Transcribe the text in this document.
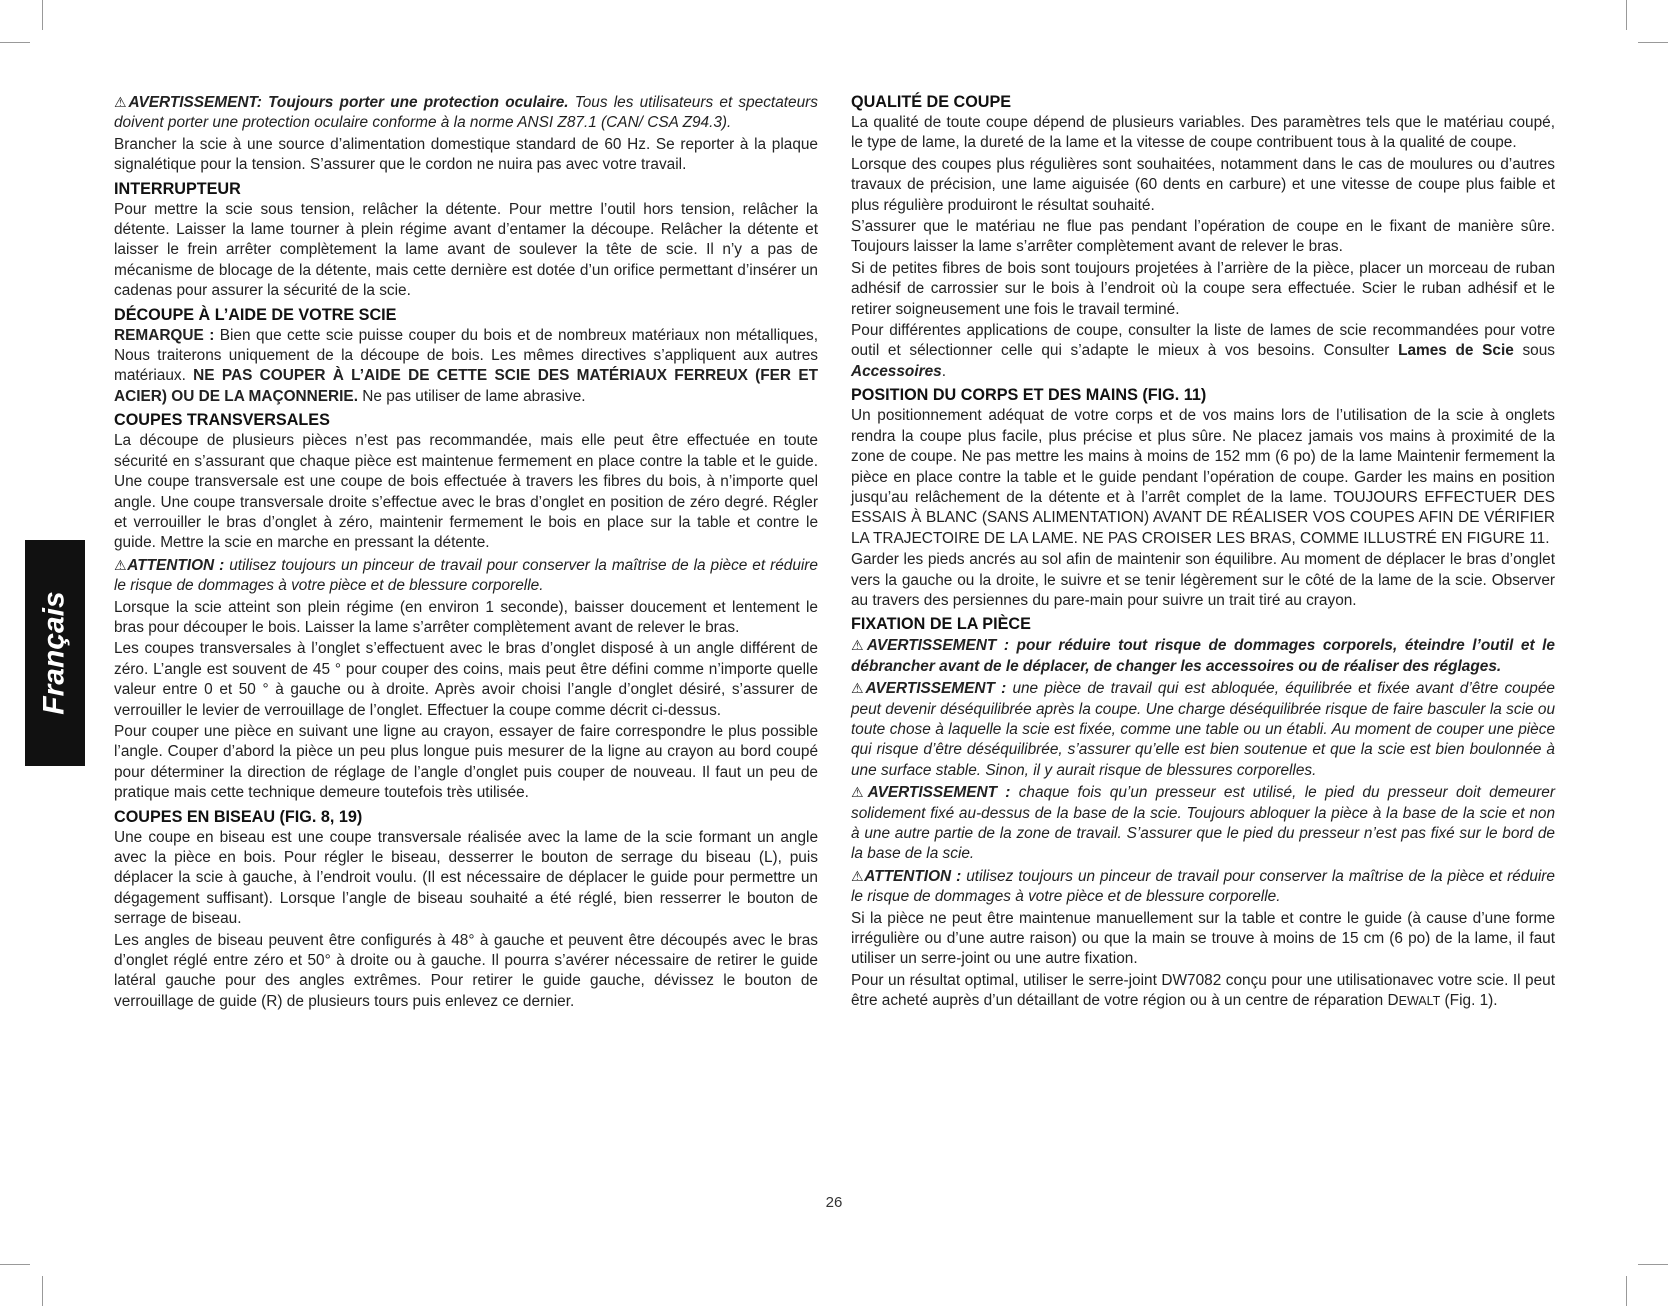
Français

⚠AVERTISSEMENT: Toujours porter une protection oculaire. Tous les utilisateurs et spectateurs doivent porter une protection oculaire conforme à la norme ANSI Z87.1 (CAN/ CSA Z94.3).

Brancher la scie à une source d’alimentation domestique standard de 60 Hz. Se reporter à la plaque signalétique pour la tension. S’assurer que le cordon ne nuira pas avec votre travail.

INTERRUPTEUR

Pour mettre la scie sous tension, relâcher la détente. Pour mettre l’outil hors tension, relâcher la détente. Laisser la lame tourner à plein régime avant d’entamer la découpe. Relâcher la détente et laisser le frein arrêter complètement la lame avant de soulever la tête de scie. Il n’y a pas de mécanisme de blocage de la détente, mais cette dernière est dotée d’un orifice permettant d’insérer un cadenas pour assurer la sécurité de la scie.

DÉCOUPE À L’AIDE DE VOTRE SCIE

REMARQUE : Bien que cette scie puisse couper du bois et de nombreux matériaux non métalliques, Nous traiterons uniquement de la découpe de bois. Les mêmes directives s’appliquent aux autres matériaux. NE PAS COUPER À L’AIDE DE CETTE SCIE DES MATÉRIAUX FERREUX (FER ET ACIER) OU DE LA MAÇONNERIE. Ne pas utiliser de lame abrasive.

COUPES TRANSVERSALES

La découpe de plusieurs pièces n’est pas recommandée, mais elle peut être effectuée en toute sécurité en s’assurant que chaque pièce est maintenue fermement en place contre la table et le guide. Une coupe transversale est une coupe de bois effectuée à travers les fibres du bois, à n’importe quel angle. Une coupe transversale droite s’effectue avec le bras d’onglet en position de zéro degré. Régler et verrouiller le bras d’onglet à zéro, maintenir fermement le bois en place sur la table et contre le guide. Mettre la scie en marche en pressant la détente.

⚠ATTENTION : utilisez toujours un pinceur de travail pour conserver la maîtrise de la pièce et réduire le risque de dommages à votre pièce et de blessure corporelle.

Lorsque la scie atteint son plein régime (en environ 1 seconde), baisser doucement et lentement le bras pour découper le bois. Laisser la lame s’arrêter complètement avant de relever le bras.

Les coupes transversales à l’onglet s’effectuent avec le bras d’onglet disposé à un angle différent de zéro. L’angle est souvent de 45 ° pour couper des coins, mais peut être défini comme n’importe quelle valeur entre 0 et 50 ° à gauche ou à droite. Après avoir choisi l’angle d’onglet désiré, s’assurer de verrouiller le levier de verrouillage de l’onglet. Effectuer la coupe comme décrit ci-dessus.

Pour couper une pièce en suivant une ligne au crayon, essayer de faire correspondre le plus possible l’angle. Couper d’abord la pièce un peu plus longue puis mesurer de la ligne au crayon au bord coupé pour déterminer la direction de réglage de l’angle d’onglet puis couper de nouveau. Il faut un peu de pratique mais cette technique demeure toutefois très utilisée.

COUPES EN BISEAU (FIG. 8, 19)

Une coupe en biseau est une coupe transversale réalisée avec la lame de la scie formant un angle avec la pièce en bois. Pour régler le biseau, desserrer le bouton de serrage du biseau (L), puis déplacer la scie à gauche, à l’endroit voulu. (Il est nécessaire de déplacer le guide pour permettre un dégagement suffisant). Lorsque l’angle de biseau souhaité a été réglé, bien resserrer le bouton de serrage de biseau.

Les angles de biseau peuvent être configurés à 48° à gauche et peuvent être découpés avec le bras d’onglet réglé entre zéro et 50° à droite ou à gauche. Il pourra s’avérer nécessaire de retirer le guide latéral gauche pour des angles extrêmes. Pour retirer le guide gauche, dévissez le bouton de verrouillage de guide (R) de plusieurs tours puis enlevez ce dernier.

QUALITÉ DE COUPE

La qualité de toute coupe dépend de plusieurs variables. Des paramètres tels que le matériau coupé, le type de lame, la dureté de la lame et la vitesse de coupe contribuent tous à la qualité de coupe.

Lorsque des coupes plus régulières sont souhaitées, notamment dans le cas de moulures ou d’autres travaux de précision, une lame aiguisée (60 dents en carbure) et une vitesse de coupe plus faible et plus régulière produiront le résultat souhaité.

S’assurer que le matériau ne flue pas pendant l’opération de coupe en le fixant de manière sûre. Toujours laisser la lame s’arrêter complètement avant de relever le bras.

Si de petites fibres de bois sont toujours projetées à l’arrière de la pièce, placer un morceau de ruban adhésif de carrossier sur le bois à l’endroit où la coupe sera effectuée. Scier le ruban adhésif et le retirer soigneusement une fois le travail terminé.

Pour différentes applications de coupe, consulter la liste de lames de scie recommandées pour votre outil et sélectionner celle qui s’adapte le mieux à vos besoins. Consulter Lames de Scie sous Accessoires.

POSITION DU CORPS ET DES MAINS (FIG. 11)

Un positionnement adéquat de votre corps et de vos mains lors de l’utilisation de la scie à onglets rendra la coupe plus facile, plus précise et plus sûre. Ne placez jamais vos mains à proximité de la zone de coupe. Ne pas mettre les mains à moins de 152 mm (6 po) de la lame Maintenir fermement la pièce en place contre la table et le guide pendant l’opération de coupe. Garder les mains en position jusqu’au relâchement de la détente et à l’arrêt complet de la lame. TOUJOURS EFFECTUER DES ESSAIS À BLANC (SANS ALIMENTATION) AVANT DE RÉALISER VOS COUPES AFIN DE VÉRIFIER LA TRAJECTOIRE DE LA LAME. NE PAS CROISER LES BRAS, COMME ILLUSTRÉ EN FIGURE 11.

Garder les pieds ancrés au sol afin de maintenir son équilibre. Au moment de déplacer le bras d’onglet vers la gauche ou la droite, le suivre et se tenir légèrement sur le côté de la lame de la scie. Observer au travers des persiennes du pare-main pour suivre un trait tiré au crayon.

FIXATION DE LA PIÈCE

⚠AVERTISSEMENT : pour réduire tout risque de dommages corporels, éteindre l’outil et le débrancher avant de le déplacer, de changer les accessoires ou de réaliser des réglages.

⚠AVERTISSEMENT : une pièce de travail qui est abloquée, équilibrée et fixée avant d’être coupée peut devenir déséquilibrée après la coupe. Une charge déséquilibrée risque de faire basculer la scie ou toute chose à laquelle la scie est fixée, comme une table ou un établi. Au moment de couper une pièce qui risque d’être déséquilibrée, s’assurer qu’elle est bien soutenue et que la scie est bien boulonnée à une surface stable. Sinon, il y aurait risque de blessures corporelles.

⚠AVERTISSEMENT : chaque fois qu’un presseur est utilisé, le pied du presseur doit demeurer solidement fixé au-dessus de la base de la scie. Toujours abloquer la pièce à la base de la scie et non à une autre partie de la zone de travail. S’assurer que le pied du presseur n’est pas fixé sur le bord de la base de la scie.

⚠ATTENTION : utilisez toujours un pinceur de travail pour conserver la maîtrise de la pièce et réduire le risque de dommages à votre pièce et de blessure corporelle.

Si la pièce ne peut être maintenue manuellement sur la table et contre le guide (à cause d’une forme irrégulière ou d’une autre raison) ou que la main se trouve à moins de 15 cm (6 po) de la lame, il faut utiliser un serre-joint ou une autre fixation.

Pour un résultat optimal, utiliser le serre-joint DW7082 conçu pour une utilisationavec votre scie. Il peut être acheté auprès d’un détaillant de votre région ou à un centre de réparation DEWALT (Fig. 1).

26
